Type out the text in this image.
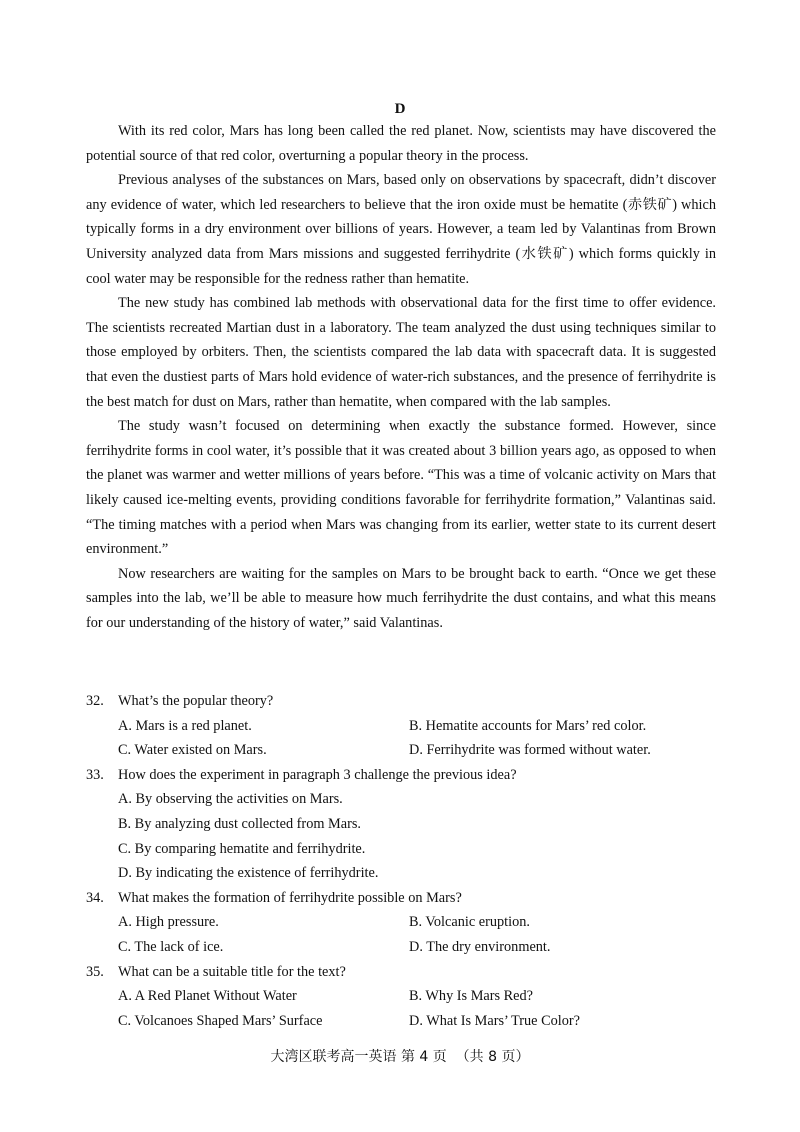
D

With its red color, Mars has long been called the red planet. Now, scientists may have discovered the potential source of that red color, overturning a popular theory in the process.

Previous analyses of the substances on Mars, based only on observations by spacecraft, didn’t discover any evidence of water, which led researchers to believe that the iron oxide must be hematite (赤铁矿) which typically forms in a dry environment over billions of years. However, a team led by Valantinas from Brown University analyzed data from Mars missions and suggested ferrihydrite (水铁矿) which forms quickly in cool water may be responsible for the redness rather than hematite.

The new study has combined lab methods with observational data for the first time to offer evidence. The scientists recreated Martian dust in a laboratory. The team analyzed the dust using techniques similar to those employed by orbiters. Then, the scientists compared the lab data with spacecraft data. It is suggested that even the dustiest parts of Mars hold evidence of water-rich substances, and the presence of ferrihydrite is the best match for dust on Mars, rather than hematite, when compared with the lab samples.

The study wasn’t focused on determining when exactly the substance formed. However, since ferrihydrite forms in cool water, it’s possible that it was created about 3 billion years ago, as opposed to when the planet was warmer and wetter millions of years before. “This was a time of volcanic activity on Mars that likely caused ice-melting events, providing conditions favorable for ferrihydrite formation,” Valantinas said. “The timing matches with a period when Mars was changing from its earlier, wetter state to its current desert environment.”

Now researchers are waiting for the samples on Mars to be brought back to earth. “Once we get these samples into the lab, we’ll be able to measure how much ferrihydrite the dust contains, and what this means for our understanding of the history of water,” said Valantinas.

32. What’s the popular theory?
A. Mars is a red planet.	B. Hematite accounts for Mars’ red color.
C. Water existed on Mars.	D. Ferrihydrite was formed without water.
33. How does the experiment in paragraph 3 challenge the previous idea?
A. By observing the activities on Mars.
B. By analyzing dust collected from Mars.
C. By comparing hematite and ferrihydrite.
D. By indicating the existence of ferrihydrite.
34. What makes the formation of ferrihydrite possible on Mars?
A. High pressure.	B. Volcanic eruption.
C. The lack of ice.	D. The dry environment.
35. What can be a suitable title for the text?
A. A Red Planet Without Water	B. Why Is Mars Red?
C. Volcanoes Shaped Mars’ Surface	D. What Is Mars’ True Color?
大湾区联考高一英语 第 4 页  （共 8 页）
